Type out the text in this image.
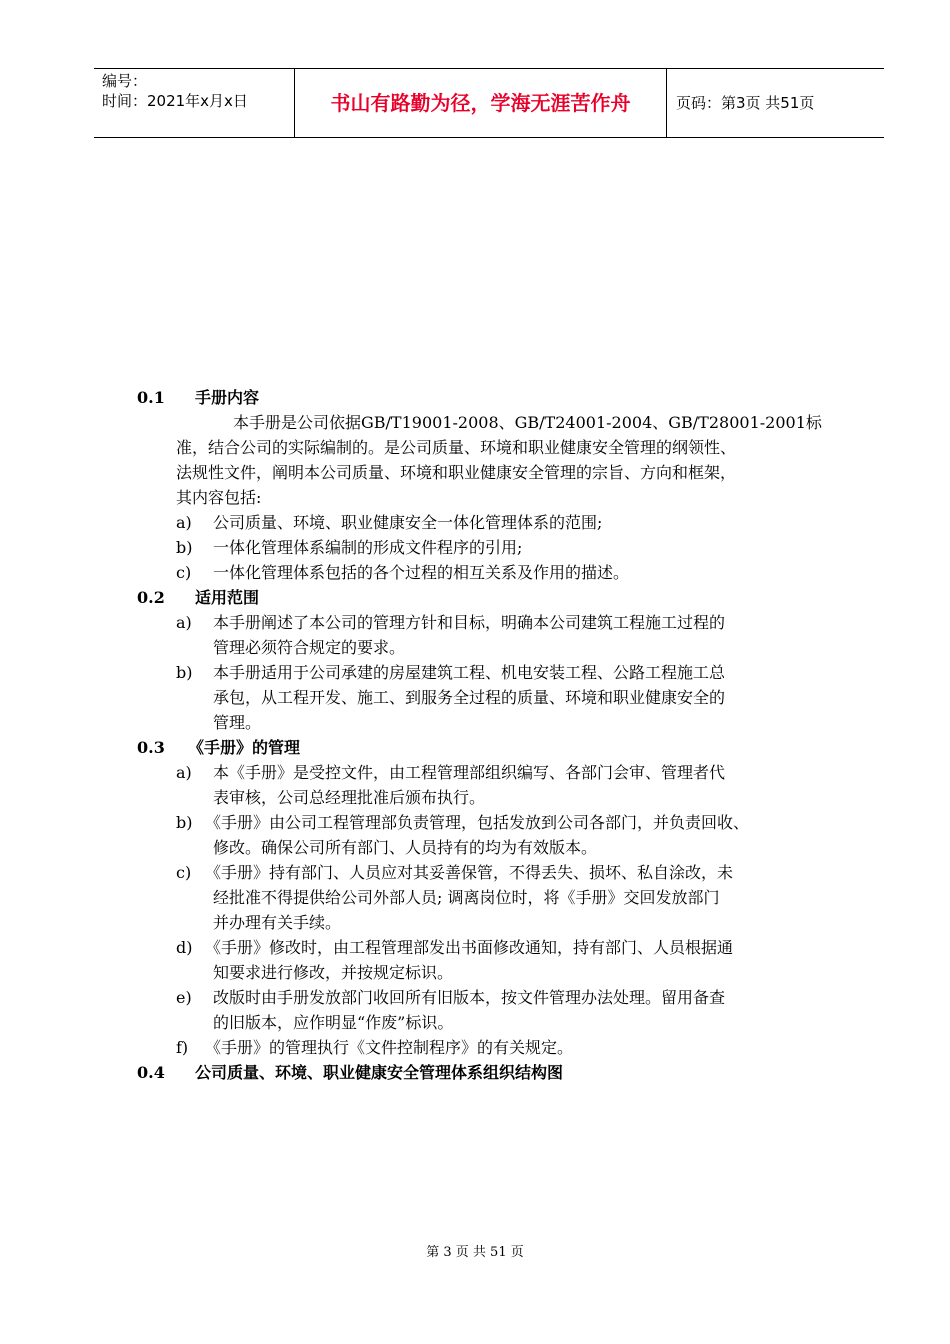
编号：
时间：2021年x月x日	书山有路勤为径，学海无涯苦作舟	页码：第3页 共51页
0.1 手册内容
本手册是公司依据GB/T19001-2008、GB/T24001-2004、GB/T28001-2001标
准，结合公司的实际编制的。是公司质量、环境和职业健康安全管理的纲领性、
法规性文件，阐明本公司质量、环境和职业健康安全管理的宗旨、方向和框架，
其内容包括:
a) 公司质量、环境、职业健康安全一体化管理体系的范围;
b) 一体化管理体系编制的形成文件程序的引用;
c) 一体化管理体系包括的各个过程的相互关系及作用的描述。
0.2 适用范围
a) 本手册阐述了本公司的管理方针和目标，明确本公司建筑工程施工过程的
管理必须符合规定的要求。
b) 本手册适用于公司承建的房屋建筑工程、机电安装工程、公路工程施工总
承包，从工程开发、施工、到服务全过程的质量、环境和职业健康安全的
管理。
0.3 《手册》的管理
a) 本《手册》是受控文件，由工程管理部组织编写、各部门会审、管理者代
表审核，公司总经理批准后颁布执行。
b) 《手册》由公司工程管理部负责管理，包括发放到公司各部门，并负责回收、
修改。确保公司所有部门、人员持有的均为有效版本。
c) 《手册》持有部门、人员应对其妥善保管，不得丢失、损坏、私自涂改，未
经批准不得提供给公司外部人员; 调离岗位时，将《手册》交回发放部门
并办理有关手续。
d) 《手册》修改时，由工程管理部发出书面修改通知，持有部门、人员根据通
知要求进行修改，并按规定标识。
e) 改版时由手册发放部门收回所有旧版本，按文件管理办法处理。留用备查
的旧版本，应作明显“作废”标识。
f) 《手册》的管理执行《文件控制程序》的有关规定。
0.4 公司质量、环境、职业健康安全管理体系组织结构图
第 3 页 共 51 页
